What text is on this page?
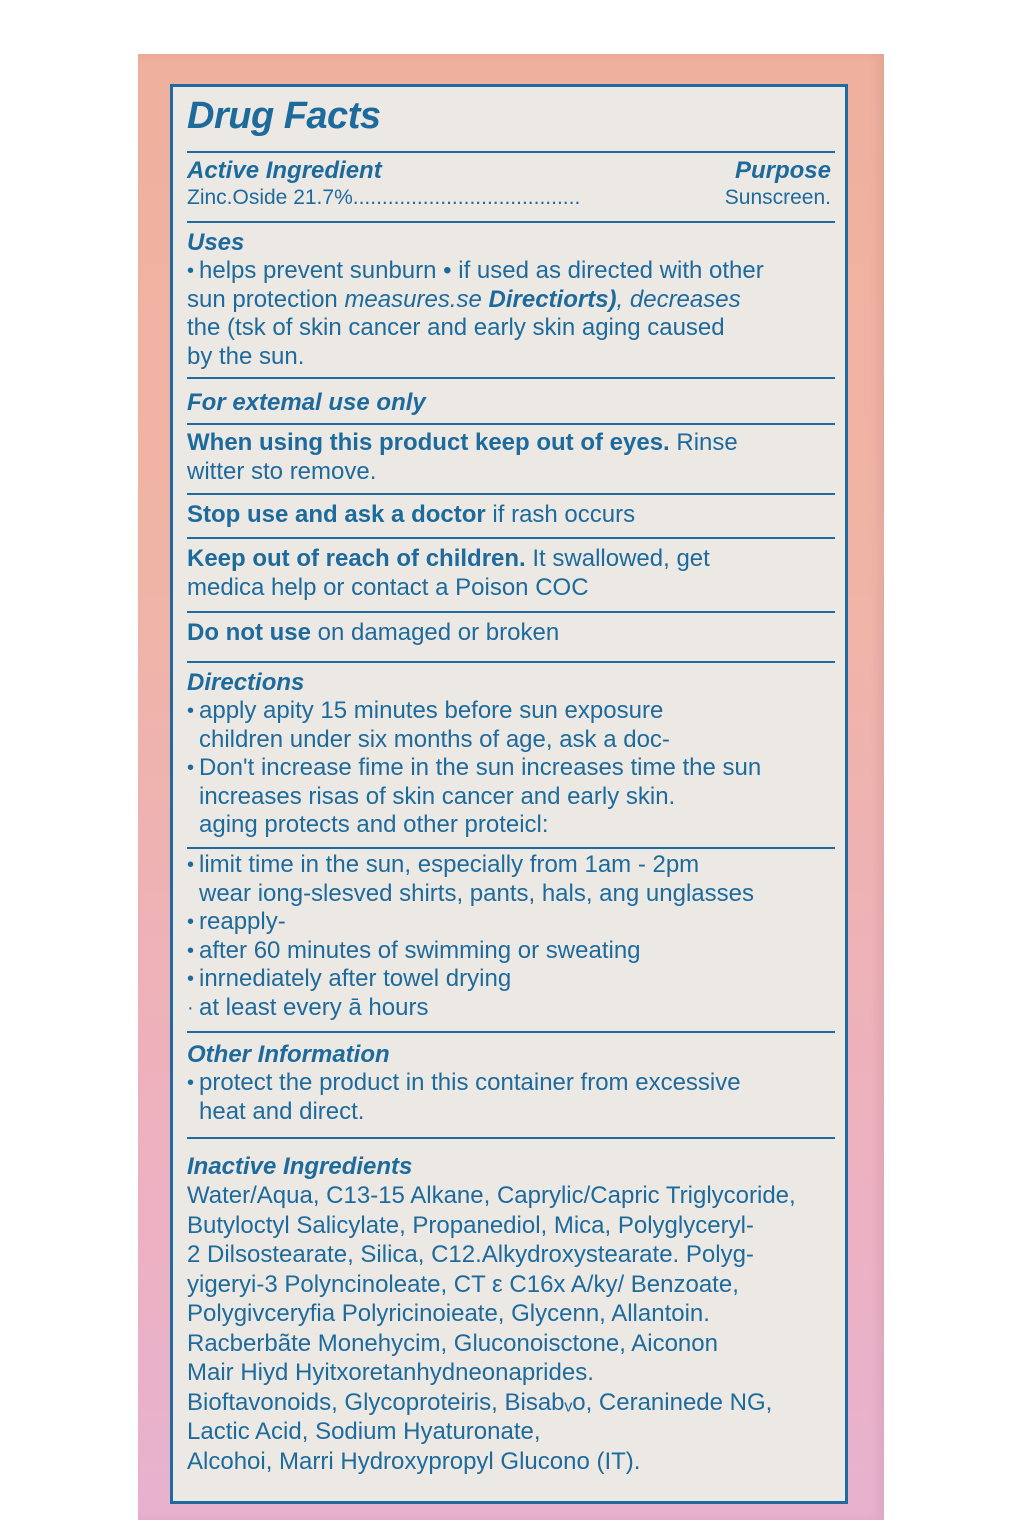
Drug Facts
Active Ingredient	Purpose
Zinc.Oside 21.7% .......................................	Sunscreen.
Uses
• helps prevent sunburn • if used as directed with other
sun protection measures.se Directiorts), decreases
the (tsk of skin cancer and early skin aging caused
by the sun.
For extemal use only
When using this product keep out of eyes. Rinse
witter sto remove.
Stop use and ask a doctor if rash occurs
Keep out of reach of children. It swallowed, get
medica help or contact a Poison COC
Do not use on damaged or broken
Directions
• apply apity 15 minutes before sun exposure
children under six months of age, ask a doc-
• Don't increase fime in the sun increases time the sun
increases risas of skin cancer and early skin.
aging protects and other proteicl:
• limit time in the sun, especially from 1am - 2pm
wear iong-slesved shirts, pants, hals, ang unglasses
• reapply-
• after 60 minutes of swimming or sweating
• inrnediately after towel drying
· at least every ā hours
Other Information
• protect the product in this container from excessive
heat and direct.
Inactive Ingredients
Water/Aqua, C13-15 Alkane, Caprylic/Capric Triglycoride,
Butyloctyl Salicylate, Propanediol, Mica, Polyglyceryl-
2 Dilsostearate, Silica, C12.Alkydroxystearate. Polyg-
yigeryi-3 Polyncinoleate, CT ε C16x A/ky/ Benzoate,
Polygivceryfia Polyricinoieate, Glycenn, Allantoin.
Racberbãte Monehycim, Gluconoisctone, Aiconon
Mair Hiyd Hyitxoretanhydneonaprides.
Bioftavonoids, Glycoproteiris, Bisabᵥo, Ceraninede NG,
Lactic Acid, Sodium Hyaturonate,
Alcohoi, Marri Hydroxypropyl Glucono (IT).
